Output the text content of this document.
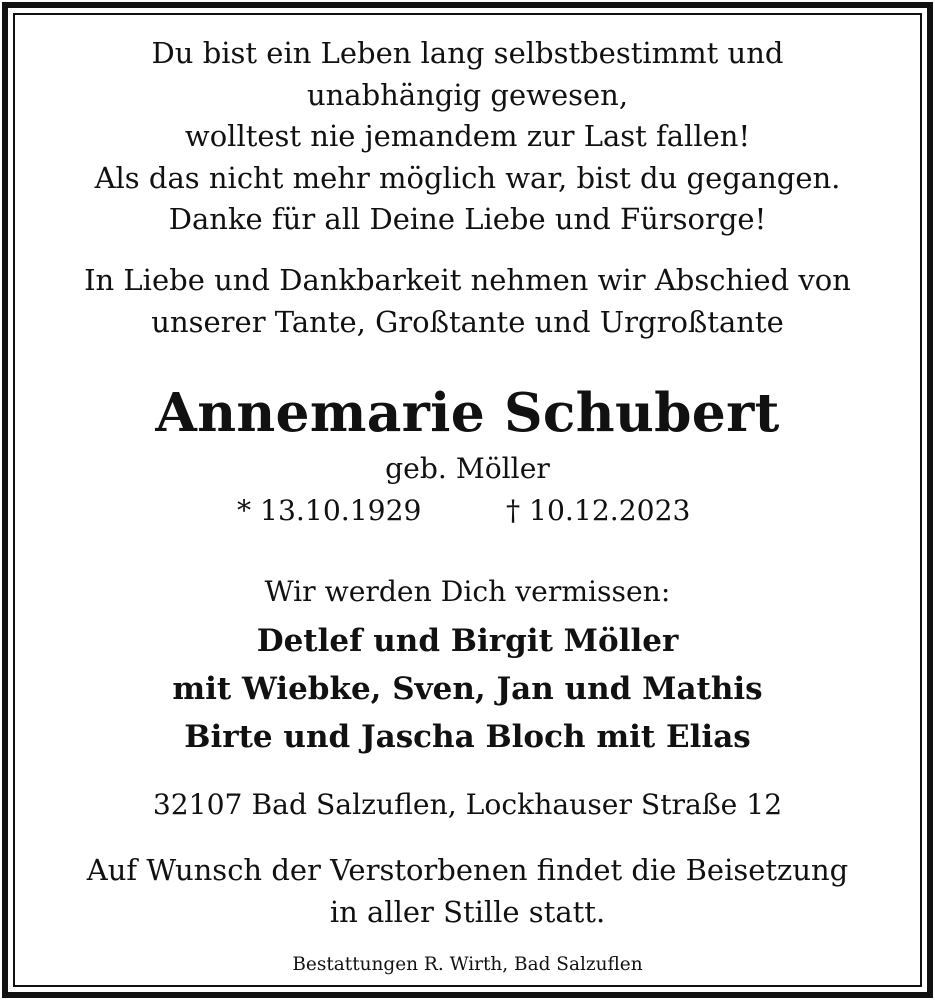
Du bist ein Leben lang selbstbestimmt und
unabhängig gewesen,
wolltest nie jemandem zur Last fallen!
Als das nicht mehr möglich war, bist du gegangen.
Danke für all Deine Liebe und Fürsorge!
In Liebe und Dankbarkeit nehmen wir Abschied von
unserer Tante, Großtante und Urgroßtante
Annemarie Schubert
geb. Möller
* 13.10.1929	† 10.12.2023
Wir werden Dich vermissen:
Detlef und Birgit Möller
mit Wiebke, Sven, Jan und Mathis
Birte und Jascha Bloch mit Elias
32107 Bad Salzuflen, Lockhauser Straße 12
Auf Wunsch der Verstorbenen findet die Beisetzung
in aller Stille statt.
Bestattungen R. Wirth, Bad Salzuflen
